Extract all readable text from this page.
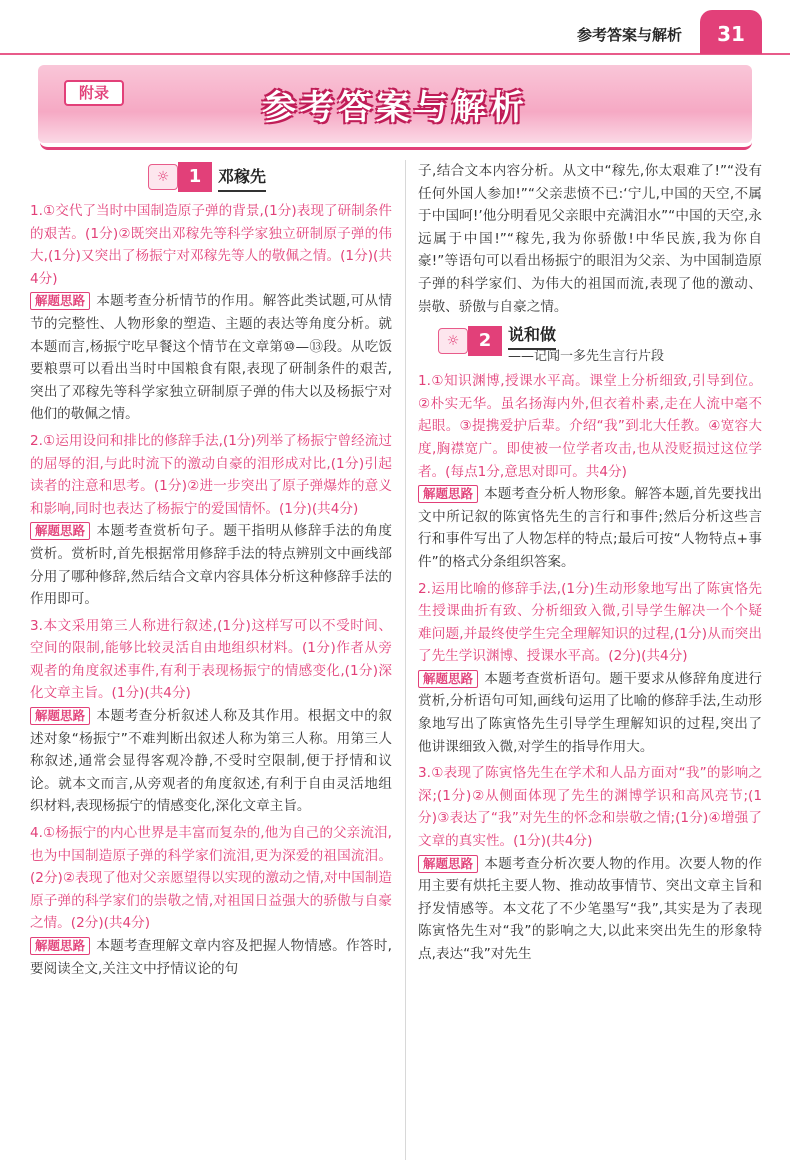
参考答案与解析	31
附录	参考答案与解析
☼	1	邓稼先
1.①交代了当时中国制造原子弹的背景,(1分)表现了研制条件的艰苦。(1分)②既突出邓稼先等科学家独立研制原子弹的伟大,(1分)又突出了杨振宁对邓稼先等人的敬佩之情。(1分)(共4分)
解题思路 本题考查分析情节的作用。解答此类试题,可从情节的完整性、人物形象的塑造、主题的表达等角度分析。就本题而言,杨振宁吃早餐这个情节在文章第⑩—⑬段。从吃饭要粮票可以看出当时中国粮食有限,表现了研制条件的艰苦,突出了邓稼先等科学家独立研制原子弹的伟大以及杨振宁对他们的敬佩之情。
2.①运用设问和排比的修辞手法,(1分)列举了杨振宁曾经流过的屈辱的泪,与此时流下的激动自豪的泪形成对比,(1分)引起读者的注意和思考。(1分)②进一步突出了原子弹爆炸的意义和影响,同时也表达了杨振宁的爱国情怀。(1分)(共4分)
解题思路 本题考查赏析句子。题干指明从修辞手法的角度赏析。赏析时,首先根据常用修辞手法的特点辨别文中画线部分用了哪种修辞,然后结合文章内容具体分析这种修辞手法的作用即可。
3.本文采用第三人称进行叙述,(1分)这样写可以不受时间、空间的限制,能够比较灵活自由地组织材料。(1分)作者从旁观者的角度叙述事件,有利于表现杨振宁的情感变化,(1分)深化文章主旨。(1分)(共4分)
解题思路 本题考查分析叙述人称及其作用。根据文中的叙述对象“杨振宁”不难判断出叙述人称为第三人称。用第三人称叙述,通常会显得客观冷静,不受时空限制,便于抒情和议论。就本文而言,从旁观者的角度叙述,有利于自由灵活地组织材料,表现杨振宁的情感变化,深化文章主旨。
4.①杨振宁的内心世界是丰富而复杂的,他为自己的父亲流泪,也为中国制造原子弹的科学家们流泪,更为深爱的祖国流泪。(2分)②表现了他对父亲愿望得以实现的激动之情,对中国制造原子弹的科学家们的崇敬之情,对祖国日益强大的骄傲与自豪之情。(2分)(共4分)
解题思路 本题考查理解文章内容及把握人物情感。作答时,要阅读全文,关注文中抒情议论的句
子,结合文本内容分析。从文中“稼先,你太艰难了!”“没有任何外国人参加!”“父亲悲愤不已:‘宁儿,中国的天空,不属于中国呵!’他分明看见父亲眼中充满泪水”“中国的天空,永远属于中国!”“稼先,我为你骄傲!中华民族,我为你自豪!”等语句可以看出杨振宁的眼泪为父亲、为中国制造原子弹的科学家们、为伟大的祖国而流,表现了他的激动、崇敬、骄傲与自豪之情。
☼	2	说和做
——记闻一多先生言行片段
1.①知识渊博,授课水平高。课堂上分析细致,引导到位。②朴实无华。虽名扬海内外,但衣着朴素,走在人流中毫不起眼。③提携爱护后辈。介绍“我”到北大任教。④宽容大度,胸襟宽广。即使被一位学者攻击,也从没贬损过这位学者。(每点1分,意思对即可。共4分)
解题思路 本题考查分析人物形象。解答本题,首先要找出文中所记叙的陈寅恪先生的言行和事件;然后分析这些言行和事件写出了人物怎样的特点;最后可按“人物特点+事件”的格式分条组织答案。
2.运用比喻的修辞手法,(1分)生动形象地写出了陈寅恪先生授课曲折有致、分析细致入微,引导学生解决一个个疑难问题,并最终使学生完全理解知识的过程,(1分)从而突出了先生学识渊博、授课水平高。(2分)(共4分)
解题思路 本题考查赏析语句。题干要求从修辞角度进行赏析,分析语句可知,画线句运用了比喻的修辞手法,生动形象地写出了陈寅恪先生引导学生理解知识的过程,突出了他讲课细致入微,对学生的指导作用大。
3.①表现了陈寅恪先生在学术和人品方面对“我”的影响之深;(1分)②从侧面体现了先生的渊博学识和高风亮节;(1分)③表达了“我”对先生的怀念和崇敬之情;(1分)④增强了文章的真实性。(1分)(共4分)
解题思路 本题考查分析次要人物的作用。次要人物的作用主要有烘托主要人物、推动故事情节、突出文章主旨和抒发情感等。本文花了不少笔墨写“我”,其实是为了表现陈寅恪先生对“我”的影响之大,以此来突出先生的形象特点,表达“我”对先生
